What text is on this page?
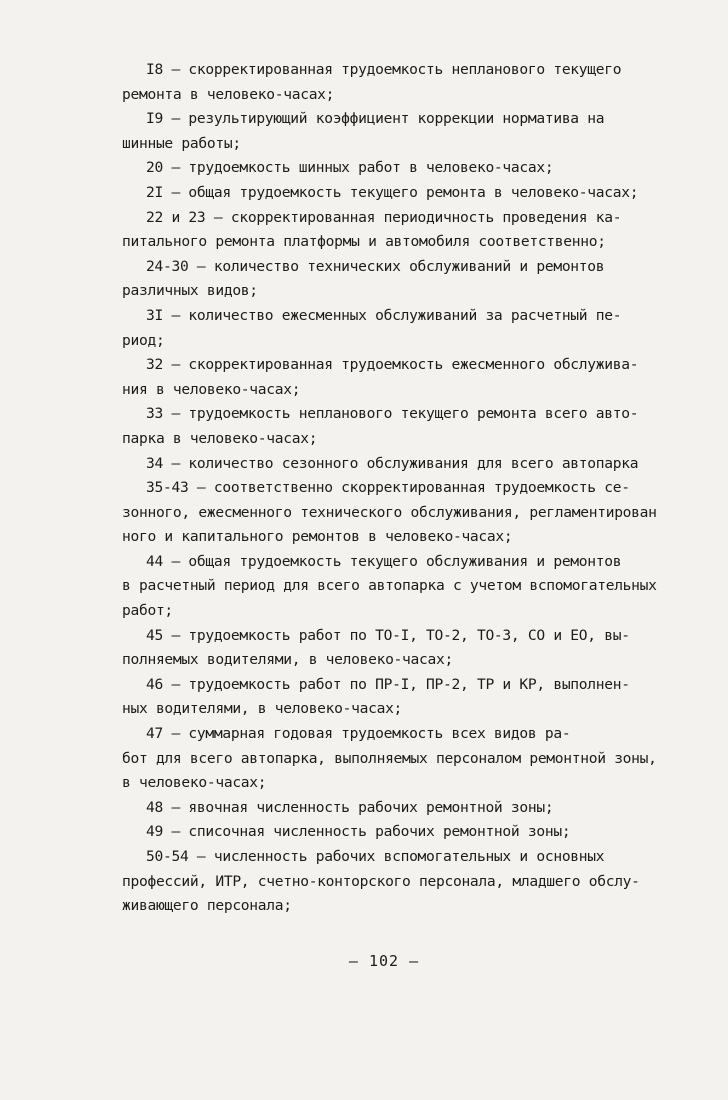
I8 – скорректированная трудоемкость непланового текущего
ремонта в человеко-часах;
I9 – результирующий коэффициент коррекции норматива на
шинные работы;
20 – трудоемкость шинных работ в человеко-часах;
2I – общая трудоемкость текущего ремонта в человеко-часах;
22 и 23 – скорректированная периодичность проведения ка-
питального ремонта платформы и автомобиля соответственно;
24-30 – количество технических обслуживаний и ремонтов
различных видов;
3I – количество ежесменных обслуживаний за расчетный пе-
риод;
32 – скорректированная трудоемкость ежесменного обслужива-
ния в человеко-часах;
33 – трудоемкость непланового текущего ремонта всего авто-
парка в человеко-часах;
34 – количество сезонного обслуживания для всего автопарка
35-43 – соответственно скорректированная трудоемкость се-
зонного, ежесменного технического обслуживания, регламентирован
ного и капитального ремонтов в человеко-часах;
44 – общая трудоемкость текущего обслуживания и ремонтов
в расчетный период для всего автопарка с учетом вспомогательных
работ;
45 – трудоемкость работ по ТО-I, ТО-2, ТО-3, СО и ЕО, вы-
полняемых водителями, в человеко-часах;
46 – трудоемкость работ по ПР-I, ПР-2, ТР и КР, выполнен-
ных водителями, в человеко-часах;
47 – суммарная годовая трудоемкость всех видов ра-
бот для всего автопарка, выполняемых персоналом ремонтной зоны,
в человеко-часах;
48 – явочная численность рабочих ремонтной зоны;
49 – списочная численность рабочих ремонтной зоны;
50-54 – численность рабочих вспомогательных и основных
профессий, ИТР, счетно-конторского персонала, младшего обслу-
живающего персонала;
– 102 –
